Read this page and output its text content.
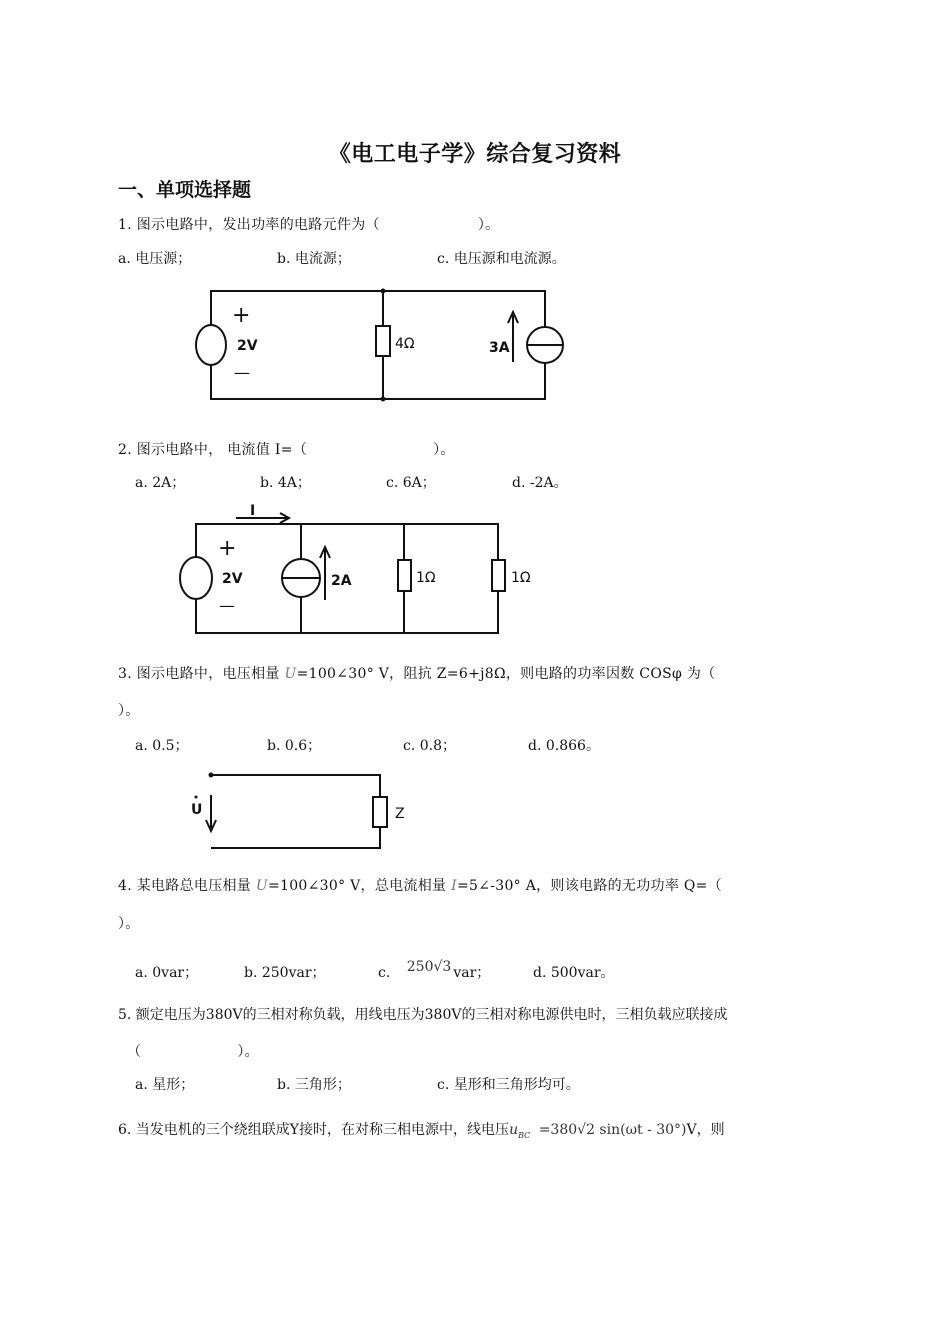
《电工电子学》综合复习资料
一、单项选择题
1. 图示电路中，发出功率的电路元件为（	）。
a. 电压源；	b. 电流源；	c. 电压源和电流源。
+
—
2V	4Ω	3A
2. 图示电路中， 电流值 I=（	）。
a. 2A；	b. 4A；	c. 6A；	d. -2A。
I
+
—
2V	2A	1Ω	1Ω
3. 图示电路中，电压相量 U=100∠30° V，阻抗 Z=6+j8Ω，则电路的功率因数 COSφ 为（
）。
a. 0.5；	b. 0.6；	c. 0.8；	d. 0.866。
U	Z
4. 某电路总电压相量 U=100∠30° V，总电流相量 I=5∠-30° A，则该电路的无功功率 Q=（
）。
a. 0var；	b. 250var；	c. 250√3 var；	d. 500var。
5. 额定电压为380V的三相对称负载，用线电压为380V的三相对称电源供电时，三相负载应联接成
（	）。
a. 星形；	b. 三角形；	c. 星形和三角形均可。
6. 当发电机的三个绕组联成Y接时，在对称三相电源中，线电压$u_{BC} =380√2$ sin(ωt - 30°)V，则
